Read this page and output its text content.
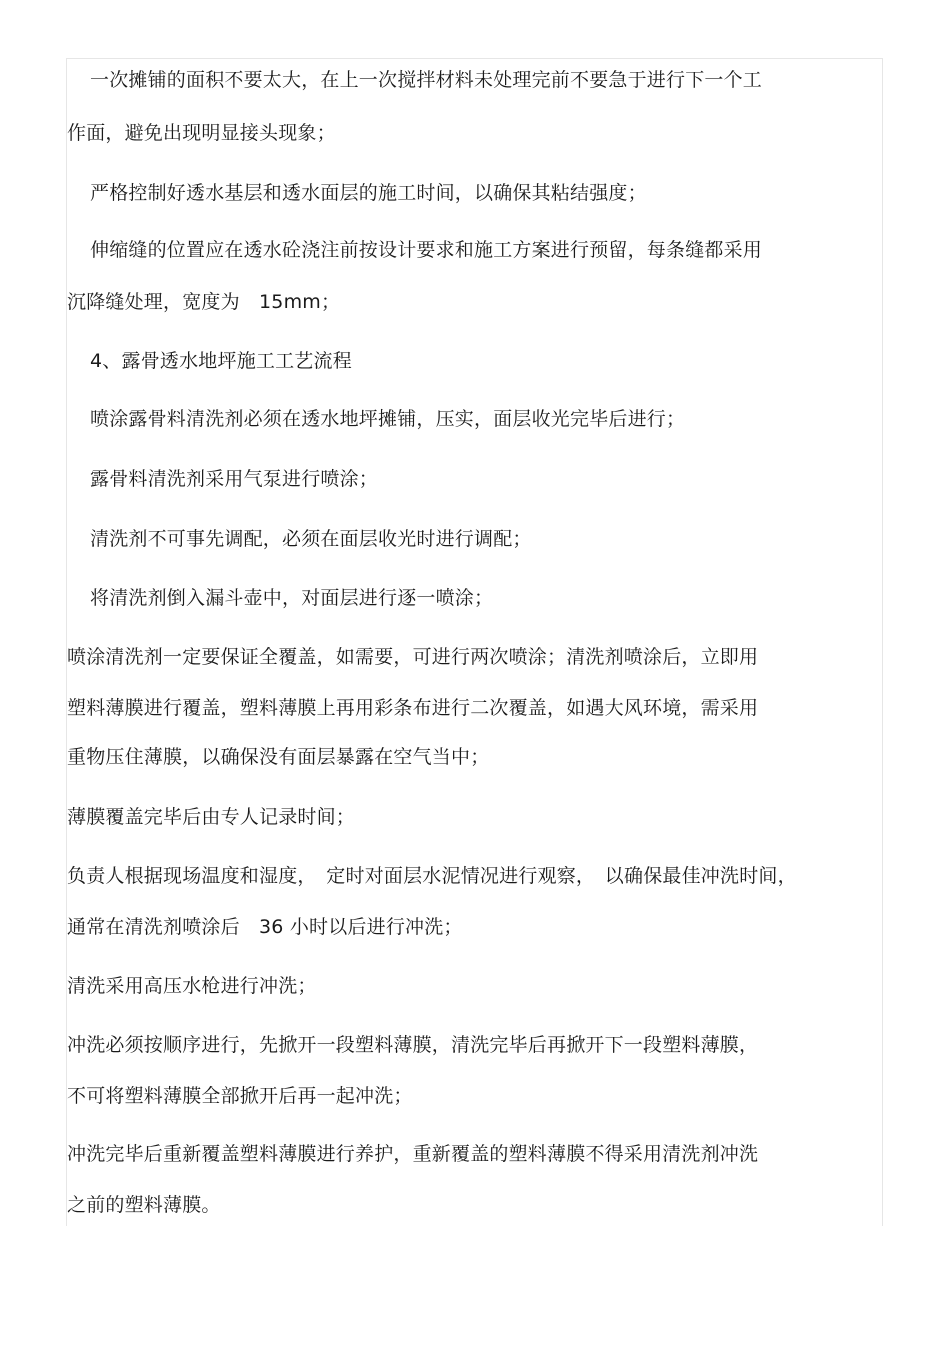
一次摊铺的面积不要太大，在上一次搅拌材料未处理完前不要急于进行下一个工
作面，避免出现明显接头现象；
严格控制好透水基层和透水面层的施工时间，以确保其粘结强度；
伸缩缝的位置应在透水砼浇注前按设计要求和施工方案进行预留，每条缝都采用
沉降缝处理，宽度为　15mm；
4、露骨透水地坪施工工艺流程
喷涂露骨料清洗剂必须在透水地坪摊铺，压实，面层收光完毕后进行；
露骨料清洗剂采用气泵进行喷涂；
清洗剂不可事先调配，必须在面层收光时进行调配；
将清洗剂倒入漏斗壶中，对面层进行逐一喷涂；
喷涂清洗剂一定要保证全覆盖，如需要，可进行两次喷涂；清洗剂喷涂后，立即用
塑料薄膜进行覆盖，塑料薄膜上再用彩条布进行二次覆盖，如遇大风环境，需采用
重物压住薄膜，以确保没有面层暴露在空气当中；
薄膜覆盖完毕后由专人记录时间；
负责人根据现场温度和湿度，　定时对面层水泥情况进行观察，　以确保最佳冲洗时间，
通常在清洗剂喷涂后　36 小时以后进行冲洗；
清洗采用高压水枪进行冲洗；
冲洗必须按顺序进行，先掀开一段塑料薄膜，清洗完毕后再掀开下一段塑料薄膜，
不可将塑料薄膜全部掀开后再一起冲洗；
冲洗完毕后重新覆盖塑料薄膜进行养护，重新覆盖的塑料薄膜不得采用清洗剂冲洗
之前的塑料薄膜。
